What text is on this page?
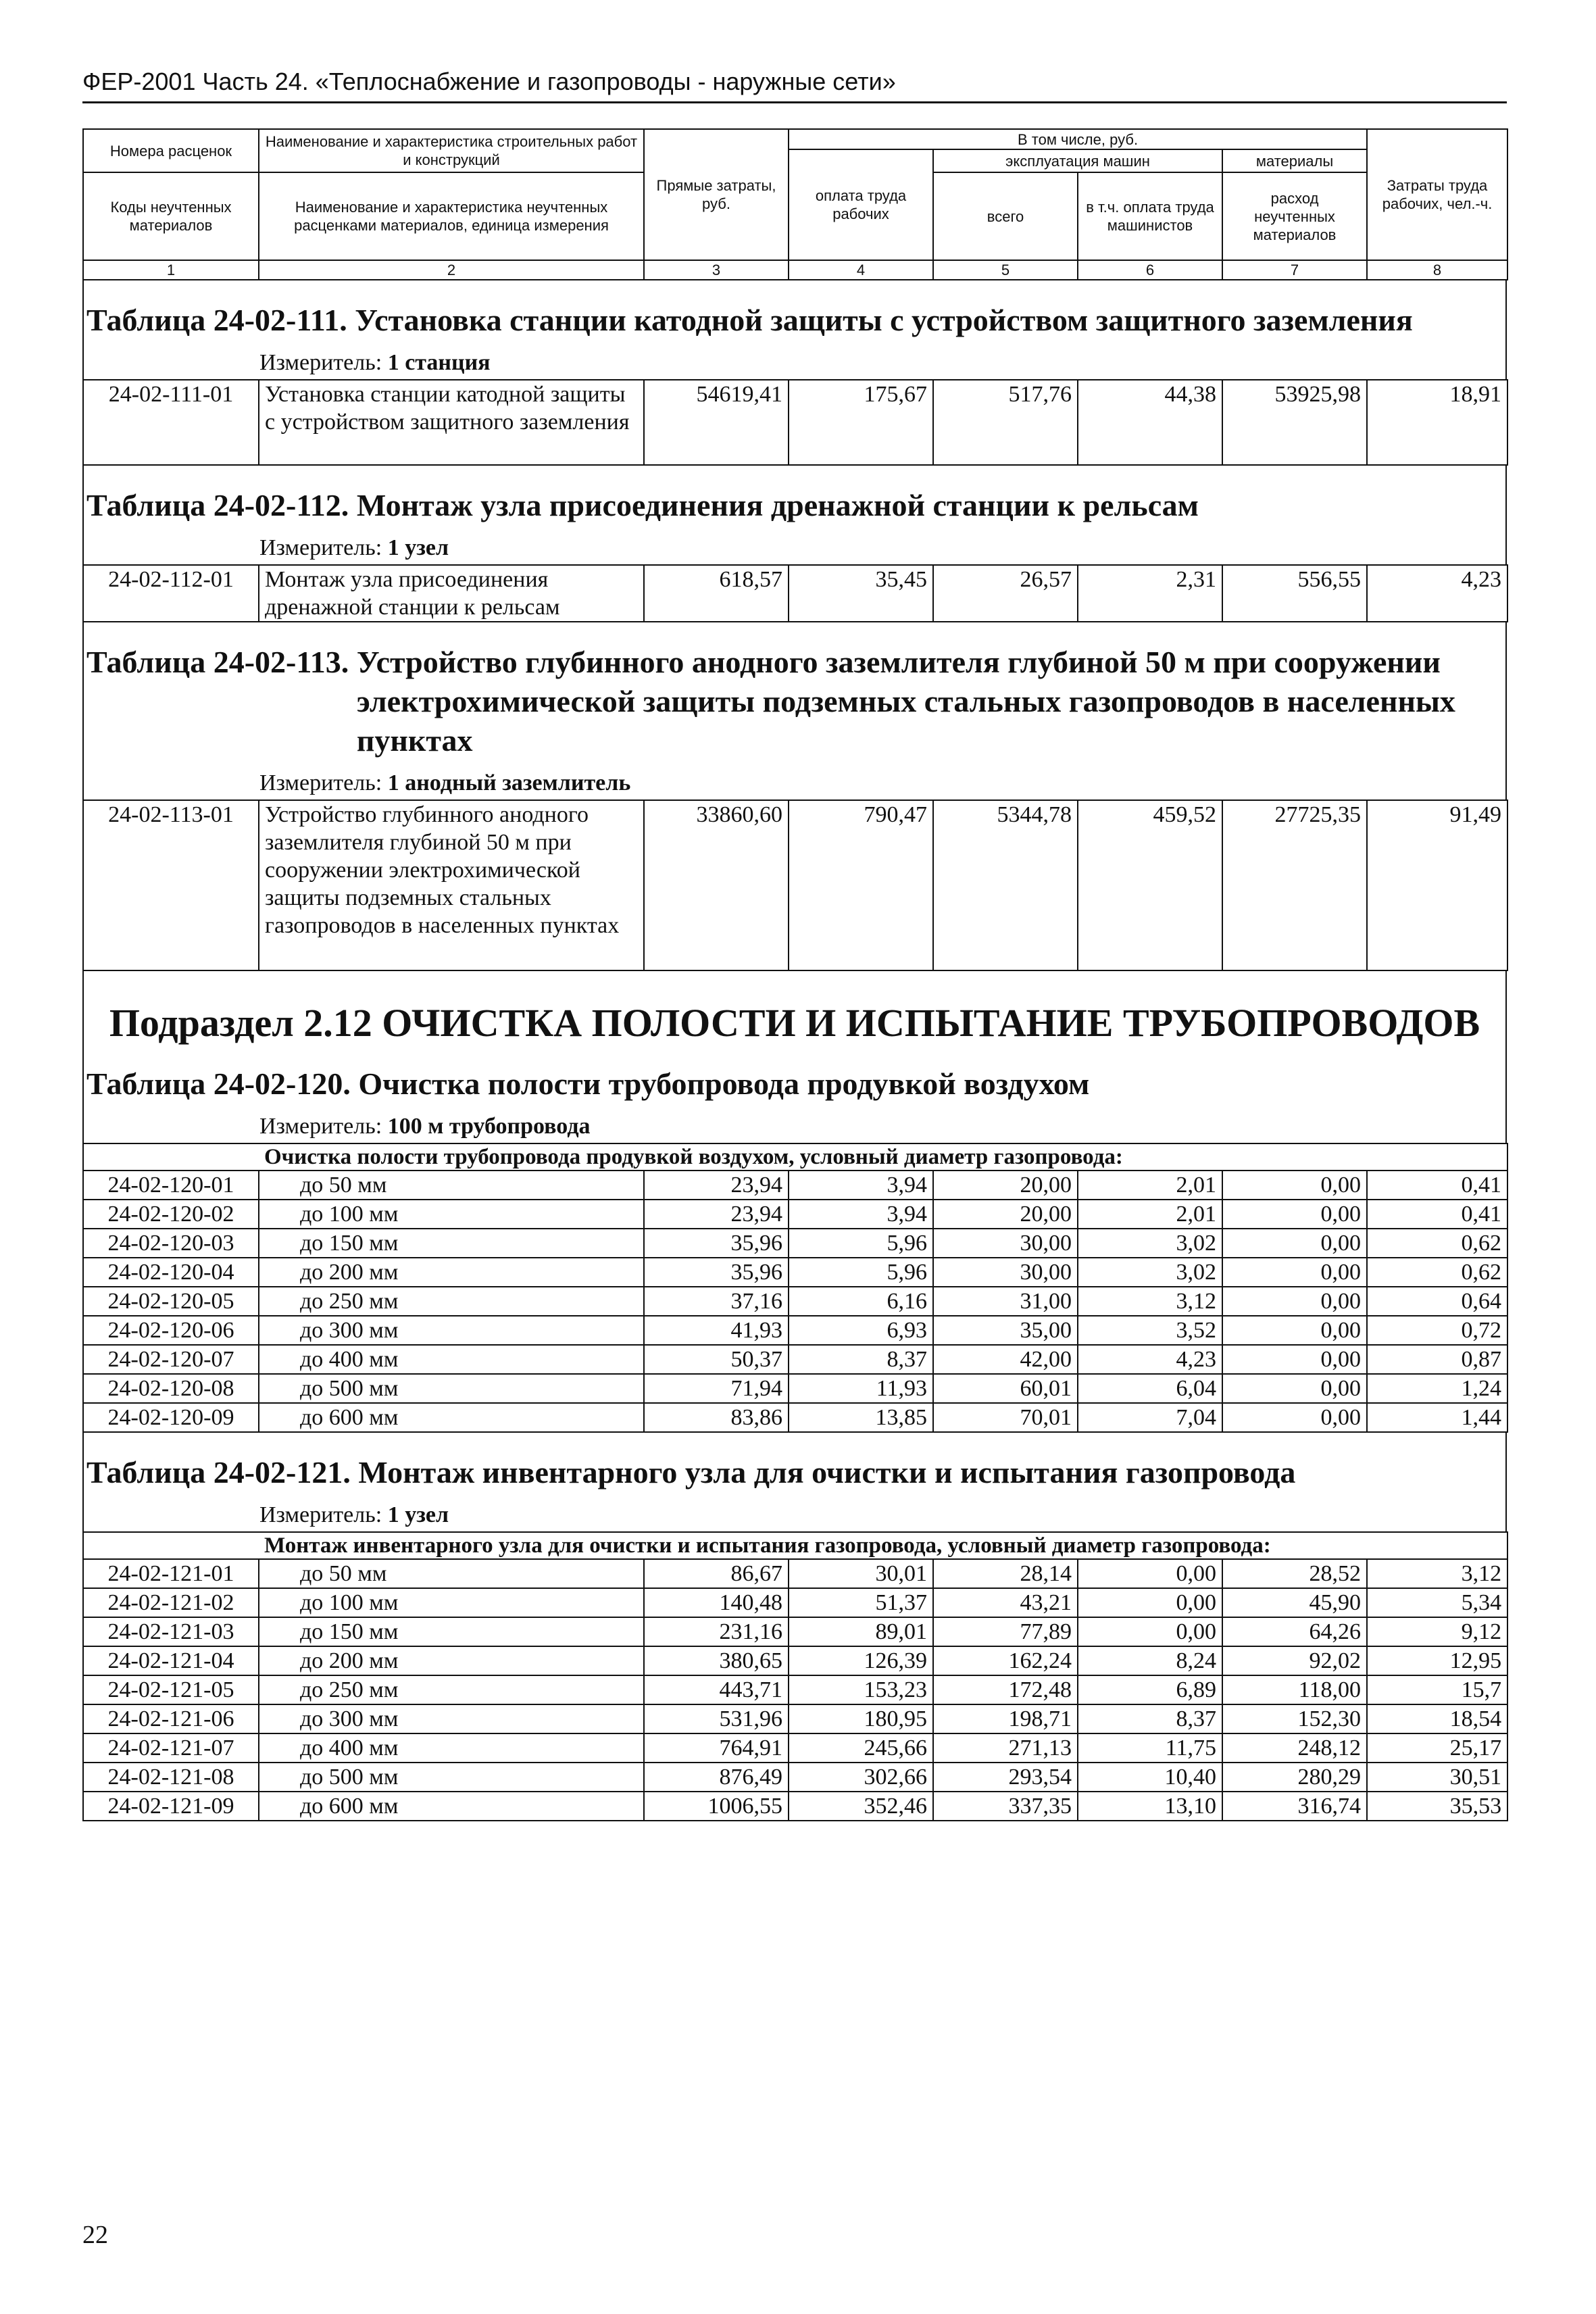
ФЕР-2001 Часть 24. «Теплоснабжение и газопроводы - наружные сети»
Номера расценок	Наименование и характеристика строительных работ и конструкций	Прямые затраты, руб.	В том числе, руб.				Затраты труда рабочих, чел.-ч.
			оплата труда рабочих	эксплуатация машин		материалы	
Коды неучтенных материалов	Наименование и характеристика неучтенных расценками материалов, единица измерения			всего	в т.ч. оплата труда машинистов	расход неучтенных материалов	

1	2	3	4	5	6	7	8
Таблица 24-02-111. Установка станции катодной защиты с устройством защитного заземления
Измеритель: 1 станция
24-02-111-01	Установка станции катодной защиты с устройством защитного заземления	54619,41	175,67	517,76	44,38	53925,98	18,91
Таблица 24-02-112. Монтаж узла присоединения дренажной станции к рельсам
Измеритель: 1 узел
24-02-112-01	Монтаж узла присоединения дренажной станции к рельсам	618,57	35,45	26,57	2,31	556,55	4,23
Таблица 24-02-113. Устройство глубинного анодного заземлителя глубиной 50 м при сооружении электрохимической защиты подземных стальных газопроводов в населенных пунктах
Измеритель: 1 анодный заземлитель
24-02-113-01	Устройство глубинного анодного заземлителя глубиной 50 м при сооружении электрохимической защиты подземных стальных газопроводов в населенных пунктах	33860,60	790,47	5344,78	459,52	27725,35	91,49
Подраздел 2.12 ОЧИСТКА ПОЛОСТИ И ИСПЫТАНИЕ ТРУБОПРОВОДОВ
Таблица 24-02-120. Очистка полости трубопровода продувкой воздухом
Измеритель: 100 м трубопровода
	Очистка полости трубопровода продувкой воздухом, условный диаметр газопровода:						
24-02-120-01	до 50 мм	23,94	3,94	20,00	2,01	0,00	0,41
24-02-120-02	до 100 мм	23,94	3,94	20,00	2,01	0,00	0,41
24-02-120-03	до 150 мм	35,96	5,96	30,00	3,02	0,00	0,62
24-02-120-04	до 200 мм	35,96	5,96	30,00	3,02	0,00	0,62
24-02-120-05	до 250 мм	37,16	6,16	31,00	3,12	0,00	0,64
24-02-120-06	до 300 мм	41,93	6,93	35,00	3,52	0,00	0,72
24-02-120-07	до 400 мм	50,37	8,37	42,00	4,23	0,00	0,87
24-02-120-08	до 500 мм	71,94	11,93	60,01	6,04	0,00	1,24
24-02-120-09	до 600 мм	83,86	13,85	70,01	7,04	0,00	1,44
Таблица 24-02-121. Монтаж инвентарного узла для очистки и испытания газопровода
Измеритель: 1 узел
	Монтаж инвентарного узла для очистки и испытания газопровода, условный диаметр газопровода:						
24-02-121-01	до 50 мм	86,67	30,01	28,14	0,00	28,52	3,12
24-02-121-02	до 100 мм	140,48	51,37	43,21	0,00	45,90	5,34
24-02-121-03	до 150 мм	231,16	89,01	77,89	0,00	64,26	9,12
24-02-121-04	до 200 мм	380,65	126,39	162,24	8,24	92,02	12,95
24-02-121-05	до 250 мм	443,71	153,23	172,48	6,89	118,00	15,7
24-02-121-06	до 300 мм	531,96	180,95	198,71	8,37	152,30	18,54
24-02-121-07	до 400 мм	764,91	245,66	271,13	11,75	248,12	25,17
24-02-121-08	до 500 мм	876,49	302,66	293,54	10,40	280,29	30,51
24-02-121-09	до 600 мм	1006,55	352,46	337,35	13,10	316,74	35,53
22
